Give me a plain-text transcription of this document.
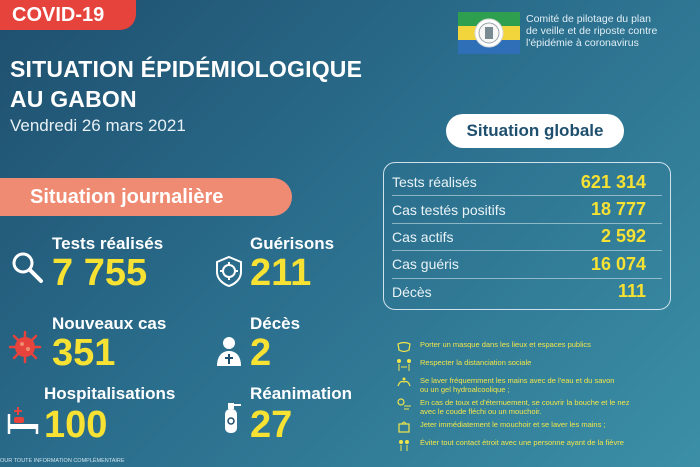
COVID-19
SITUATION ÉPIDÉMIOLOGIQUE
AU GABON
Vendredi 26 mars 2021
Comité de pilotage du plan
de veille et de riposte contre
l'épidémie à coronavirus
Situation journalière
Tests réalisés
7 755
Guérisons
211
Nouveaux cas
351
Décès
2
Hospitalisations
100
Réanimation
27
Situation globale
Tests réalisés	621 314
Cas testés positifs	18 777
Cas actifs	2 592
Cas guéris	16 074
Décès	111
Porter un masque dans les lieux et espaces publics
Respecter la distanciation sociale
Se laver fréquemment les mains avec de l'eau et du savon
ou un gel hydroalcoolique ;
En cas de toux et d'éternuement, se couvrir la bouche et le nez
avec le coude fléchi ou un mouchoir.
Jeter immédiatement le mouchoir et se laver les mains ;
Éviter tout contact étroit avec une personne ayant de la fièvre
OUR TOUTE INFORMATION COMPLÉMENTAIRE
